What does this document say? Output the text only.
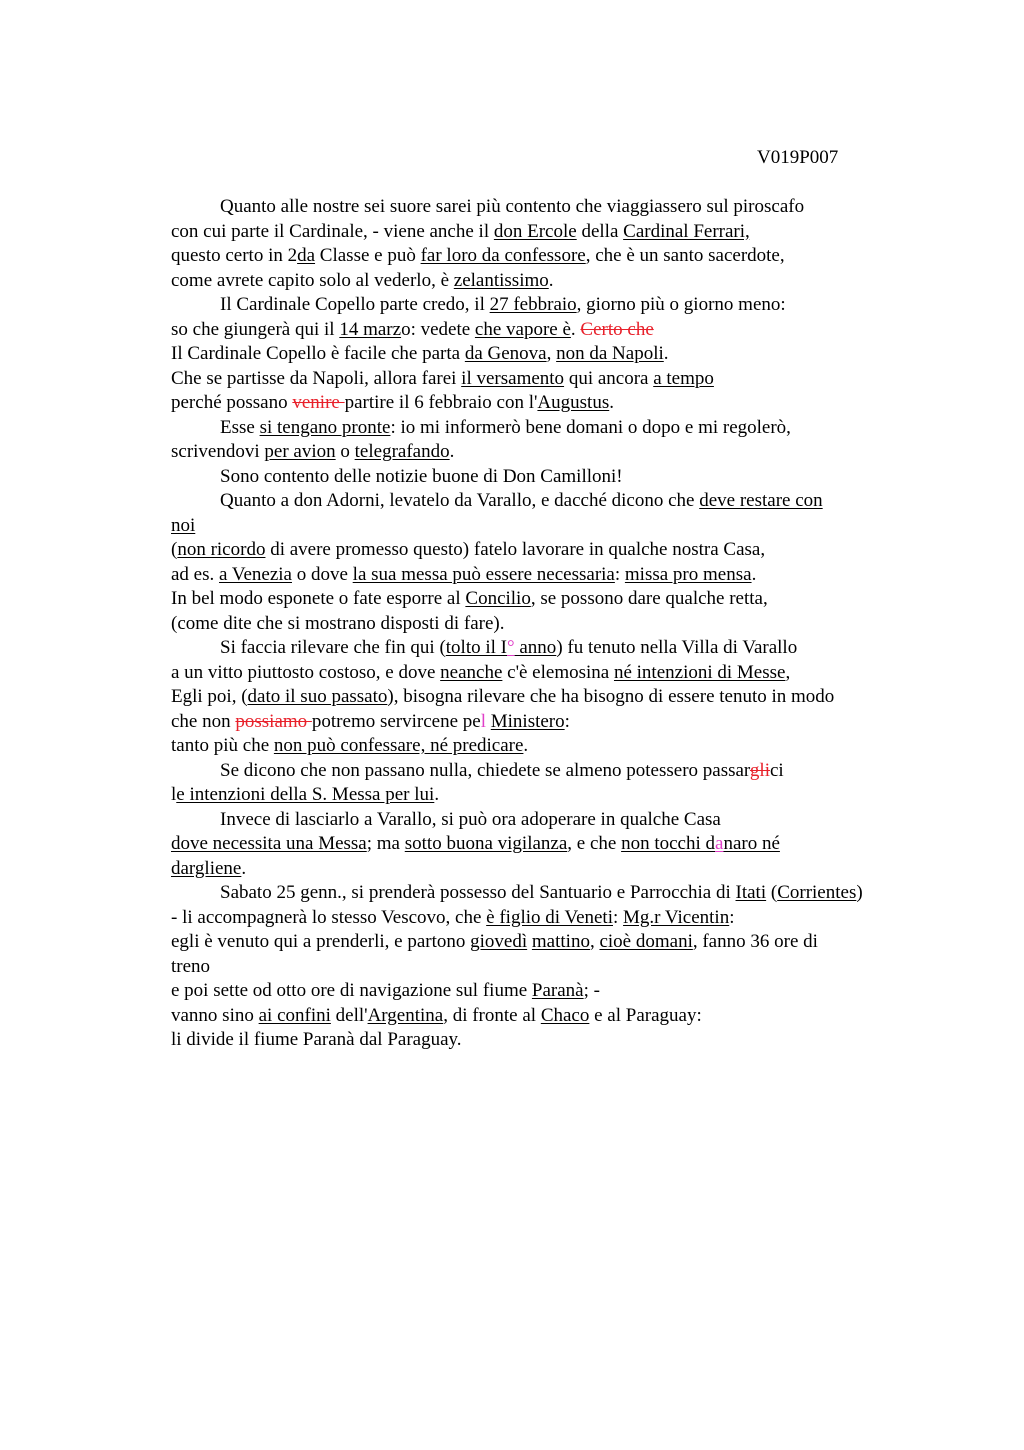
V019P007
Quanto alle nostre sei suore sarei più contento che viaggiassero sul piroscafo
con cui parte il Cardinale, - viene anche il don Ercole della Cardinal Ferrari,
questo certo in 2da Classe e può far loro da confessore, che è un santo sacerdote,
come avrete capito solo al vederlo, è zelantissimo.
Il Cardinale Copello parte credo, il 27 febbraio, giorno più o giorno meno:
so che giungerà qui il 14 marzo: vedete che vapore è. Certo che
Il Cardinale Copello è facile che parta da Genova, non da Napoli.
Che se partisse da Napoli, allora farei il versamento qui ancora a tempo
perché possano venire partire il 6 febbraio con l'Augustus.
Esse si tengano pronte: io mi informerò bene domani o dopo e mi regolerò,
scrivendovi per avion o telegrafando.
Sono contento delle notizie buone di Don Camilloni!
Quanto a don Adorni, levatelo da Varallo, e dacché dicono che deve restare con
noi
(non ricordo di avere promesso questo) fatelo lavorare in qualche nostra Casa,
ad es. a Venezia o dove la sua messa può essere necessaria: missa pro mensa.
In bel modo esponete o fate esporre al Concilio, se possono dare qualche retta,
(come dite che si mostrano disposti di fare).
Si faccia rilevare che fin qui (tolto il I° anno) fu tenuto nella Villa di Varallo
a un vitto piuttosto costoso, e dove neanche c'è elemosina né intenzioni di Messe,
Egli poi, (dato il suo passato), bisogna rilevare che ha bisogno di essere tenuto in modo
che non possiamo potremo servircene pel Ministero:
tanto più che non può confessare, né predicare.
Se dicono che non passano nulla, chiedete se almeno potessero passarglici
le intenzioni della S. Messa per lui.
Invece di lasciarlo a Varallo, si può ora adoperare in qualche Casa
dove necessita una Messa; ma sotto buona vigilanza, e che non tocchi danaro né
dargliene.
Sabato 25 genn., si prenderà possesso del Santuario e Parrocchia di Itati (Corrientes)
- li accompagnerà lo stesso Vescovo, che è figlio di Veneti: Mg.r Vicentin:
egli è venuto qui a prenderli, e partono giovedì mattino, cioè domani, fanno 36 ore di
treno
e poi sette od otto ore di navigazione sul fiume Paranà; -
vanno sino ai confini dell'Argentina, di fronte al Chaco e al Paraguay:
li divide il fiume Paranà dal Paraguay.
